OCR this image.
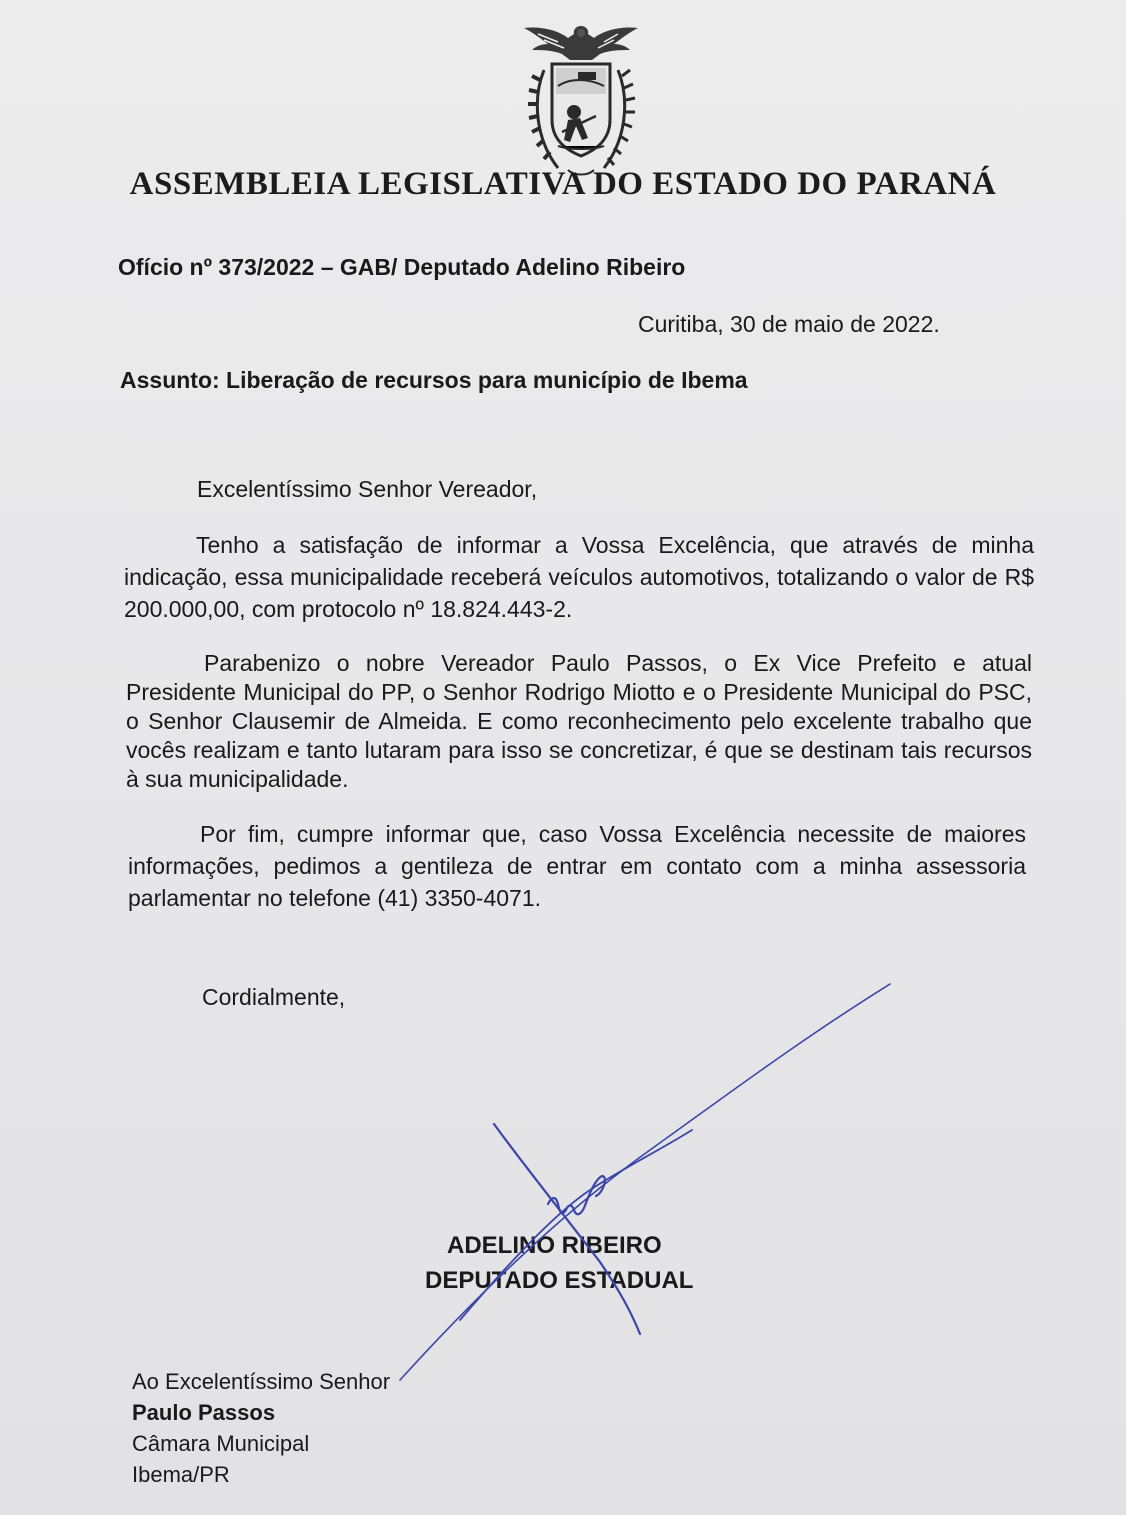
ASSEMBLEIA LEGISLATIVA DO ESTADO DO PARANÁ
Ofício nº 373/2022 – GAB/ Deputado Adelino Ribeiro
Curitiba, 30 de maio de 2022.
Assunto: Liberação de recursos para município de Ibema
Excelentíssimo Senhor Vereador,
Tenho a satisfação de informar a Vossa Excelência, que através de minha indicação, essa municipalidade receberá veículos automotivos, totalizando o valor de R$ 200.000,00, com protocolo nº 18.824.443-2.
Parabenizo o nobre Vereador Paulo Passos, o Ex Vice Prefeito e atual Presidente Municipal do PP, o Senhor Rodrigo Miotto e o Presidente Municipal do PSC, o Senhor Clausemir de Almeida. E como reconhecimento pelo excelente trabalho que vocês realizam e tanto lutaram para isso se concretizar, é que se destinam tais recursos à sua municipalidade.
Por fim, cumpre informar que, caso Vossa Excelência necessite de maiores informações, pedimos a gentileza de entrar em contato com a minha assessoria parlamentar no telefone (41) 3350-4071.
Cordialmente,
ADELINO RIBEIRO
DEPUTADO ESTADUAL
Ao Excelentíssimo Senhor
Paulo Passos
Câmara Municipal
Ibema/PR
